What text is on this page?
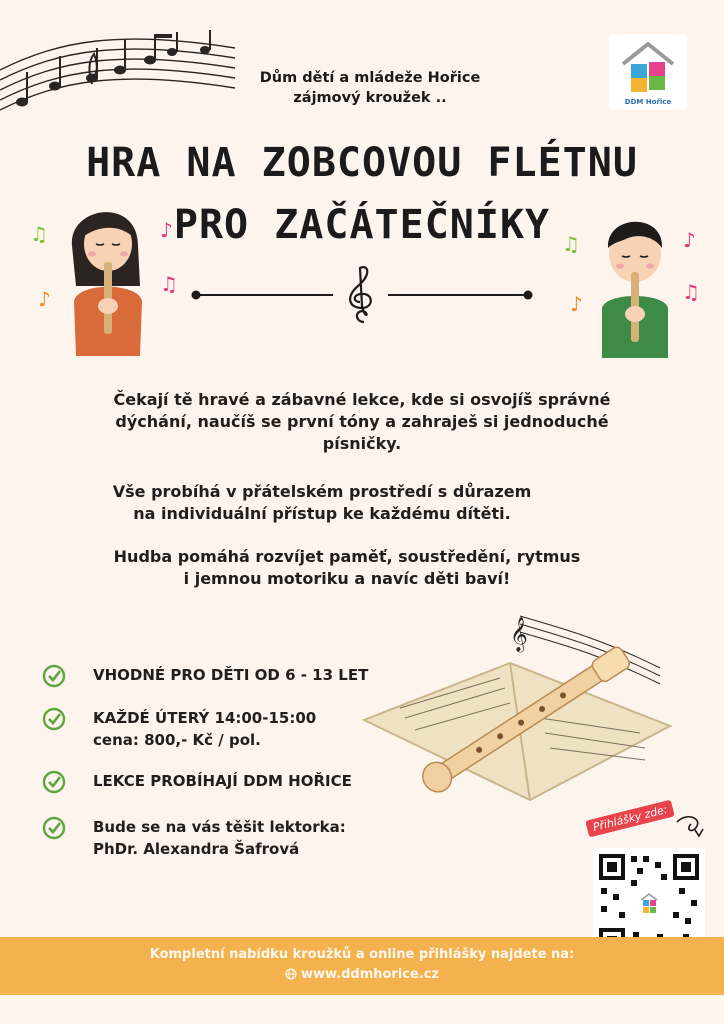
Dům dětí a mládeže Hořice
zájmový kroužek ..	DDM Hořice
HRA NA ZOBCOVOU FLÉTNU
PRO ZAČÁTEČNÍKY
♫	♪
♫
♪
♫	♪
♫
♪
Čekají tě hravé a zábavné lekce, kde si osvojíš správné
dýchání, naučíš se první tóny a zahraješ si jednoduché
písničky.
Vše probíhá v přátelském prostředí s důrazem
na individuální přístup ke každému dítěti.
Hudba pomáhá rozvíjet paměť, soustředění, rytmus
i jemnou motoriku a navíc děti baví!
VHODNÉ PRO DĚTI OD 6 - 13 LET
KAŽDÉ ÚTERÝ 14:00-15:00
cena: 800,- Kč / pol.
LEKCE PROBÍHAJÍ DDM HOŘICE
Bude se na vás těšit lektorka:
PhDr. Alexandra Šafrová
𝄞
Přihlášky zde:
Kompletní nabídku kroužků a online přihlášky najdete na:
www.ddmhorice.cz
